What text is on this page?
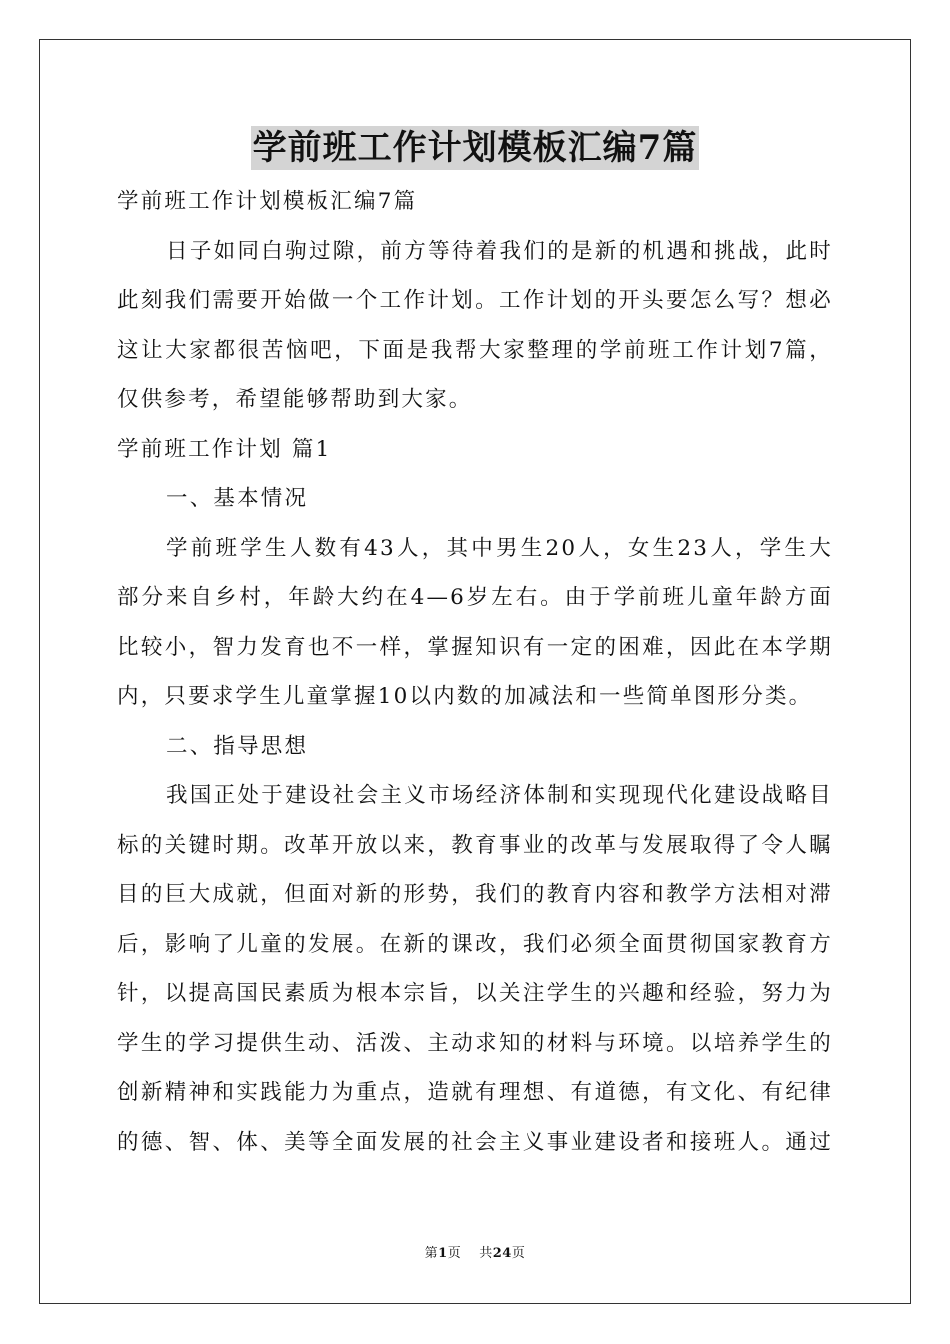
学前班工作计划模板汇编7篇

学前班工作计划模板汇编7篇

日子如同白驹过隙，前方等待着我们的是新的机遇和挑战，此时

此刻我们需要开始做一个工作计划。工作计划的开头要怎么写？想必

这让大家都很苦恼吧，下面是我帮大家整理的学前班工作计划7篇，

仅供参考，希望能够帮助到大家。

学前班工作计划 篇1

一、基本情况

学前班学生人数有43人，其中男生20人，女生23人，学生大

部分来自乡村，年龄大约在4—6岁左右。由于学前班儿童年龄方面

比较小，智力发育也不一样，掌握知识有一定的困难，因此在本学期

内，只要求学生儿童掌握10以内数的加减法和一些简单图形分类。

二、指导思想

我国正处于建设社会主义市场经济体制和实现现代化建设战略目

标的关键时期。改革开放以来，教育事业的改革与发展取得了令人瞩

目的巨大成就，但面对新的形势，我们的教育内容和教学方法相对滞

后，影响了儿童的发展。在新的课改，我们必须全面贯彻国家教育方

针，以提高国民素质为根本宗旨，以关注学生的兴趣和经验，努力为

学生的学习提供生动、活泼、主动求知的材料与环境。以培养学生的

创新精神和实践能力为重点，造就有理想、有道德，有文化、有纪律

的德、智、体、美等全面发展的社会主义事业建设者和接班人。通过

第1页 共24页
